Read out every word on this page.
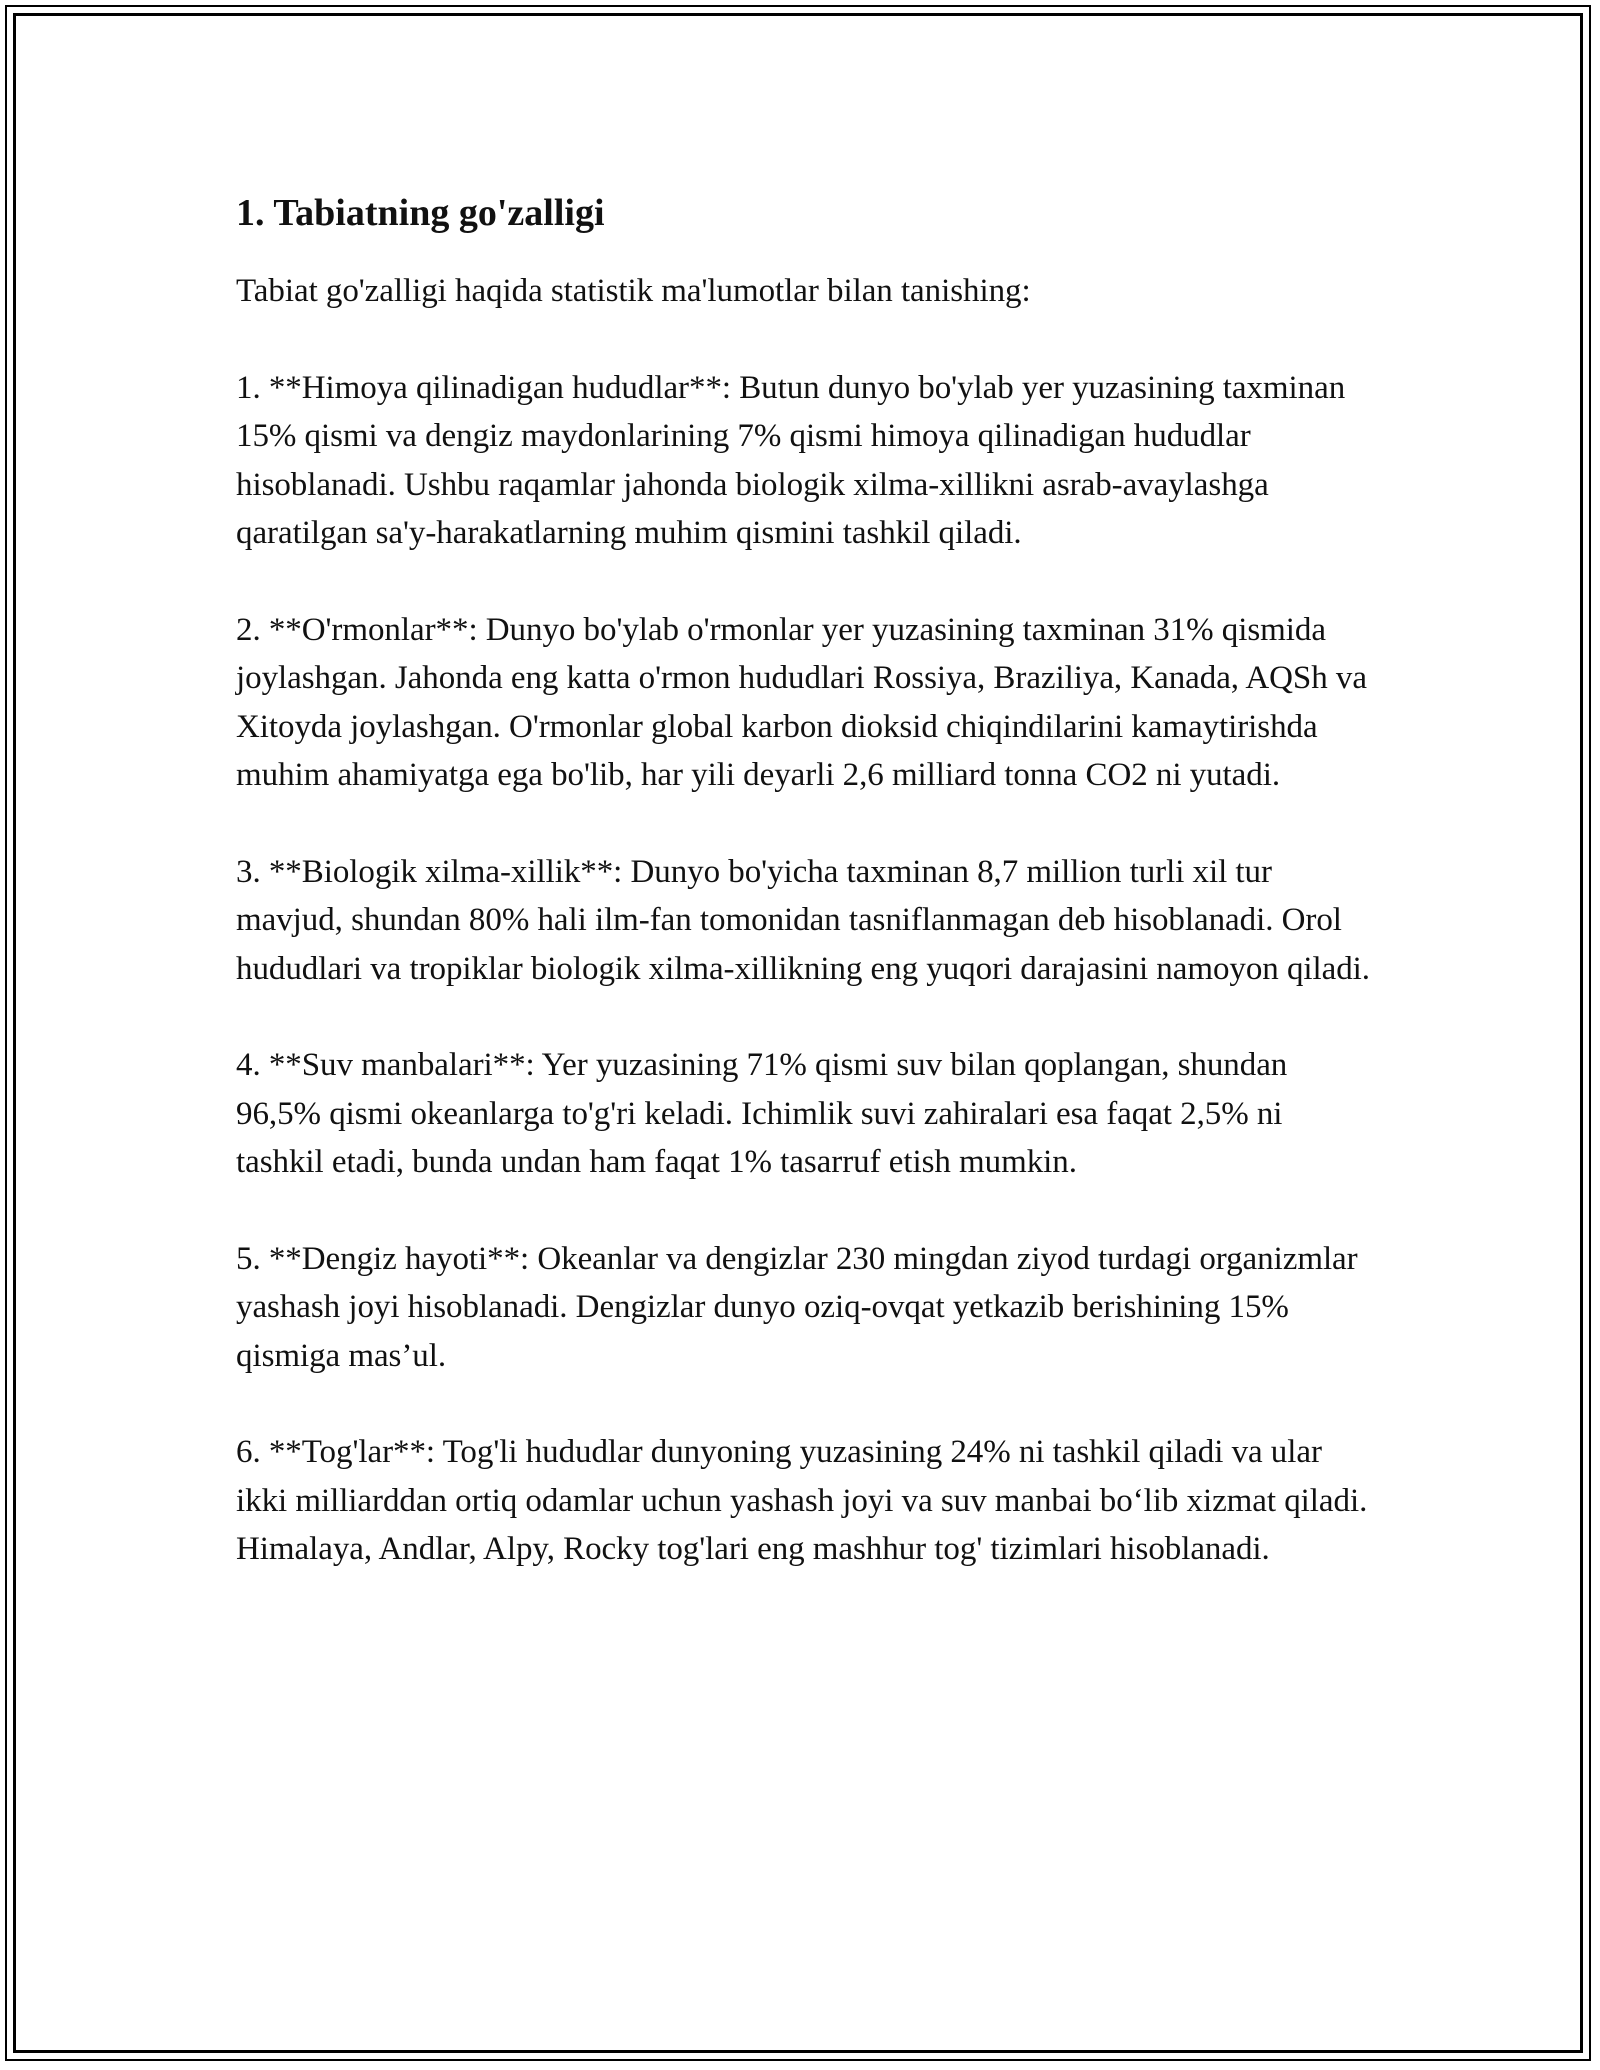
1. Tabiatning go'zalligi

Tabiat go'zalligi haqida statistik ma'lumotlar bilan tanishing:

1. **Himoya qilinadigan hududlar**: Butun dunyo bo'ylab yer yuzasining taxminan 15% qismi va dengiz maydonlarining 7% qismi himoya qilinadigan hududlar hisoblanadi. Ushbu raqamlar jahonda biologik xilma-xillikni asrab-avaylashga qaratilgan sa'y-harakatlarning muhim qismini tashkil qiladi.

2. **O'rmonlar**: Dunyo bo'ylab o'rmonlar yer yuzasining taxminan 31% qismida joylashgan. Jahonda eng katta o'rmon hududlari Rossiya, Braziliya, Kanada, AQSh va Xitoyda joylashgan. O'rmonlar global karbon dioksid chiqindilarini kamaytirishda muhim ahamiyatga ega bo'lib, har yili deyarli 2,6 milliard tonna CO2 ni yutadi.

3. **Biologik xilma-xillik**: Dunyo bo'yicha taxminan 8,7 million turli xil tur mavjud, shundan 80% hali ilm-fan tomonidan tasniflanmagan deb hisoblanadi. Orol hududlari va tropiklar biologik xilma-xillikning eng yuqori darajasini namoyon qiladi.

4. **Suv manbalari**: Yer yuzasining 71% qismi suv bilan qoplangan, shundan 96,5% qismi okeanlarga to'g'ri keladi. Ichimlik suvi zahiralari esa faqat 2,5% ni tashkil etadi, bunda undan ham faqat 1% tasarruf etish mumkin.

5. **Dengiz hayoti**: Okeanlar va dengizlar 230 mingdan ziyod turdagi organizmlar yashash joyi hisoblanadi. Dengizlar dunyo oziq-ovqat yetkazib berishining 15% qismiga mas’ul.

6. **Tog'lar**: Tog'li hududlar dunyoning yuzasining 24% ni tashkil qiladi va ular ikki milliarddan ortiq odamlar uchun yashash joyi va suv manbai bo‘lib xizmat qiladi. Himalaya, Andlar, Alpy, Rocky tog'lari eng mashhur tog' tizimlari hisoblanadi.
